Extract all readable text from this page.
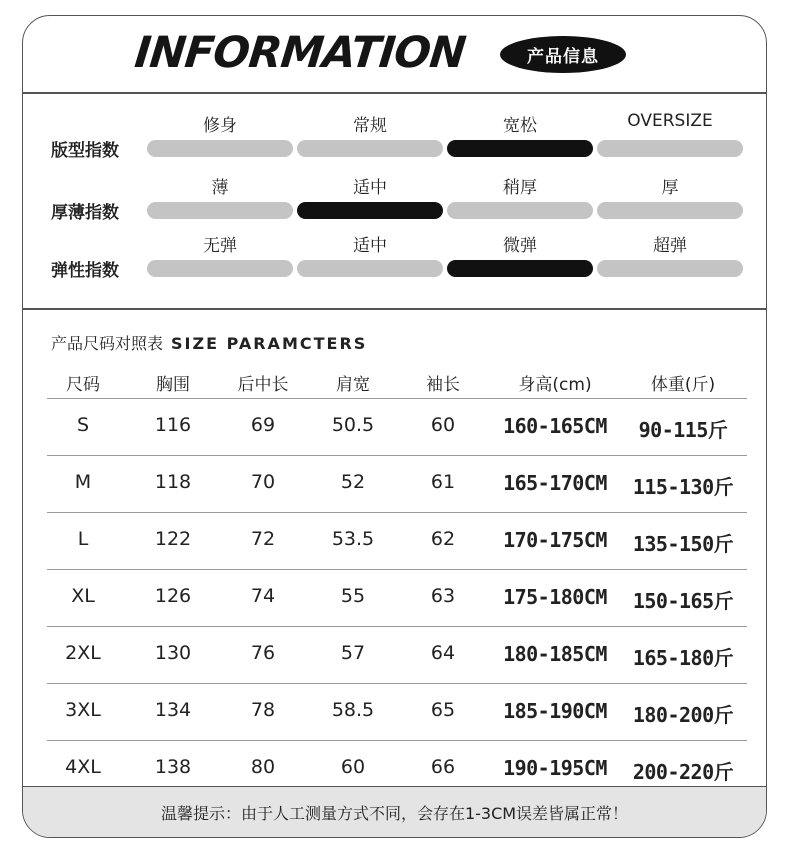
INFORMATION	产品信息
版型指数
修身	常规	宽松	OVERSIZE
厚薄指数
薄	适中	稍厚	厚
弹性指数
无弹	适中	微弹	超弹
产品尺码对照表 SIZE PARAMCTERS
尺码	胸围	后中长	肩宽	袖长	身高(cm)	体重(斤)
S	116	69	50.5	60	160-165CM	90-115斤
M	118	70	52	61	165-170CM	115-130斤
L	122	72	53.5	62	170-175CM	135-150斤
XL	126	74	55	63	175-180CM	150-165斤
2XL	130	76	57	64	180-185CM	165-180斤
3XL	134	78	58.5	65	185-190CM	180-200斤
4XL	138	80	60	66	190-195CM	200-220斤
温馨提示：由于人工测量方式不同，会存在1-3CM误差皆属正常！
